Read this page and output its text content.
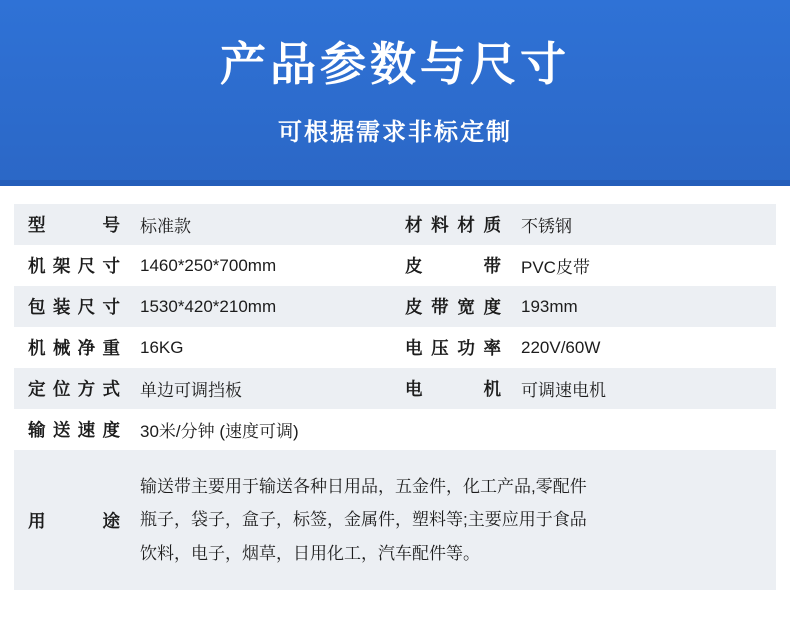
产品参数与尺寸
可根据需求非标定制
型　　号	标准款	材料材质	不锈钢
机架尺寸	1460*250*700mm	皮　　带	PVC皮带
包装尺寸	1530*420*210mm	皮带宽度	193mm
机械净重	16KG	电压功率	220V/60W
定位方式	单边可调挡板	电　　机	可调速电机
输送速度	30米/分钟 (速度可调)		
用　　途	输送带主要用于输送各种日用品，五金件，化工产品,零配件
瓶子，袋子，盒子，标签，金属件，塑料等;主要应用于食品
饮料，电子，烟草，日用化工，汽车配件等。		
